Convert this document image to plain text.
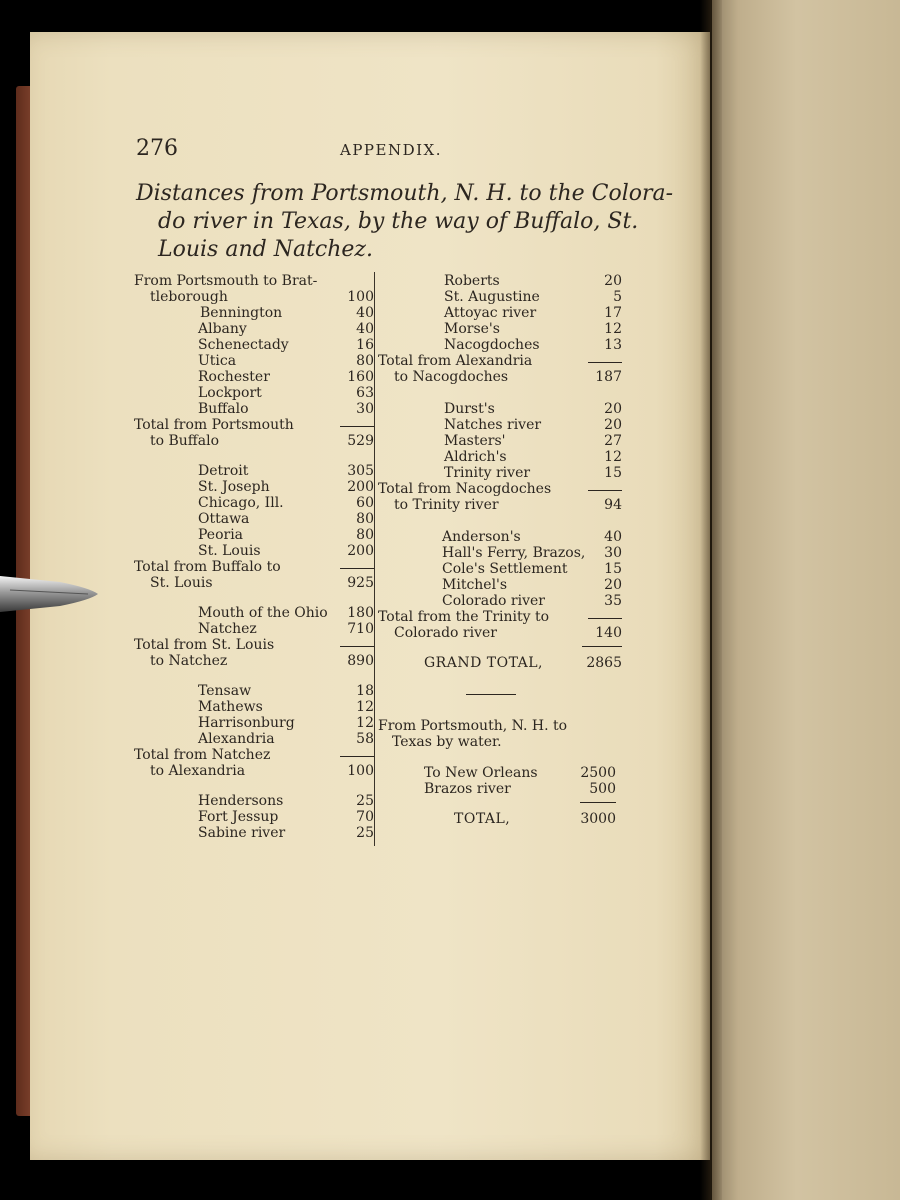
276	APPENDIX.
Distances from Portsmouth, N. H. to the Colora-
do river in Texas, by the way of Buffalo, St.
Louis and Natchez.
From Portsmouth to Brat-
tleborough	100
Bennington	40
Albany	40
Schenectady	16
Utica	80
Rochester	160
Lockport	63
Buffalo	30
Total from Portsmouth
to Buffalo	529
Detroit	305
St. Joseph	200
Chicago, Ill.	60
Ottawa	80
Peoria	80
St. Louis	200
Total from Buffalo to
St. Louis	925
Mouth of the Ohio	180
Natchez	710
Total from St. Louis
to Natchez	890
Tensaw	18
Mathews	12
Harrisonburg	12
Alexandria	58
Total from Natchez
to Alexandria	100
Hendersons	25
Fort Jessup	70
Sabine river	25
Roberts	20
St. Augustine	5
Attoyac river	17
Morse's	12
Nacogdoches	13
Total from Alexandria
to Nacogdoches	187
Durst's	20
Natches river	20
Masters'	27
Aldrich's	12
Trinity river	15
Total from Nacogdoches
to Trinity river	94
Anderson's	40
Hall's Ferry, Brazos,	30
Cole's Settlement	15
Mitchel's	20
Colorado river	35
Total from the Trinity to
Colorado river	140
GRAND TOTAL,	2865
From Portsmouth, N. H. to
Texas by water.
To New Orleans	2500
Brazos river	500
TOTAL,	3000
